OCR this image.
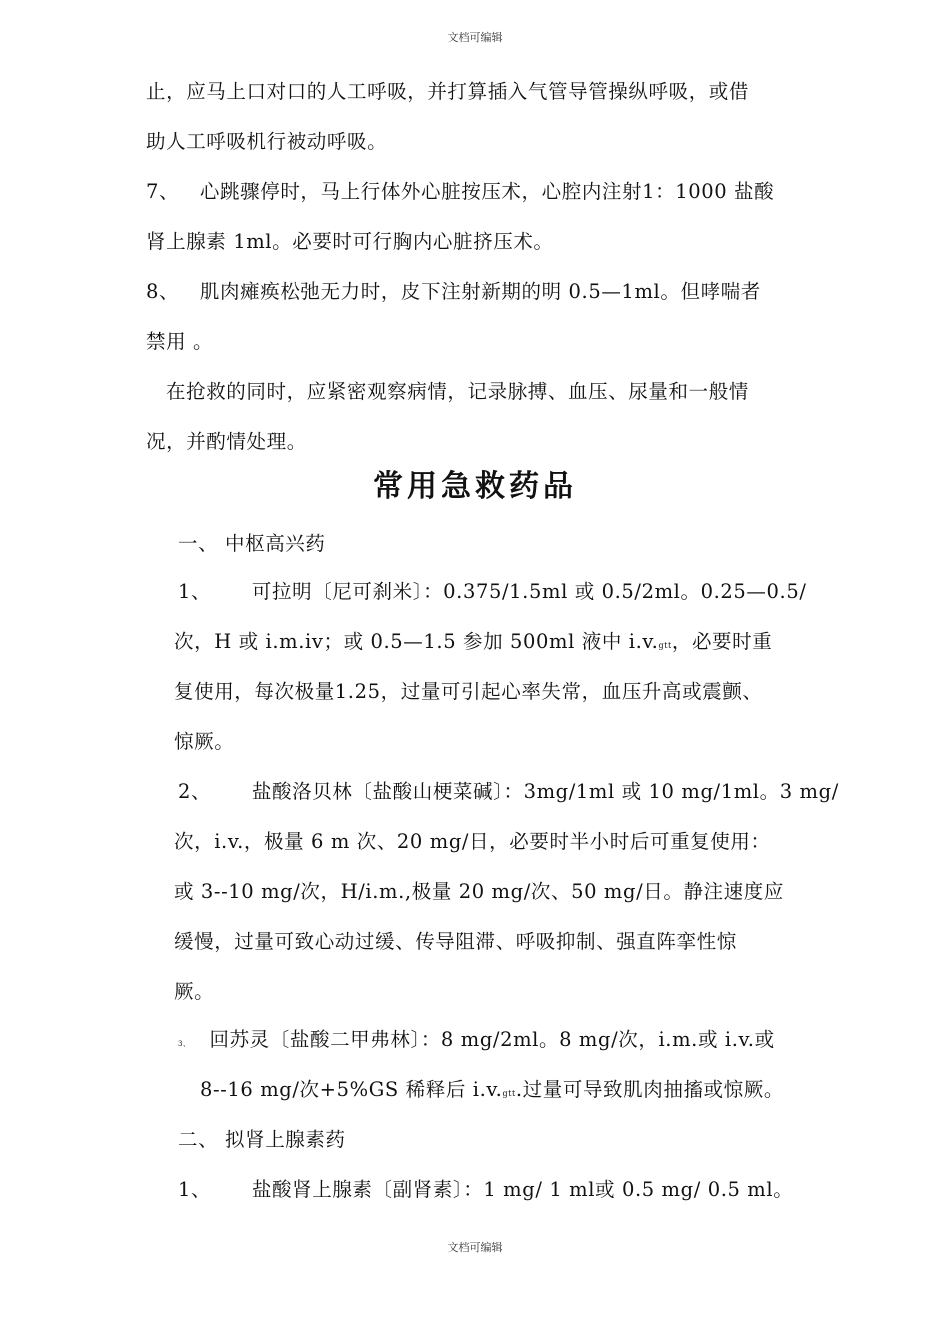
文档可编辑
止，应马上口对口的人工呼吸，并打算插入气管导管操纵呼吸，或借
助人工呼吸机行被动呼吸。
7、 心跳骤停时，马上行体外心脏按压术，心腔内注射1：1000 盐酸
肾上腺素 1ml。必要时可行胸内心脏挤压术。
8、 肌肉瘫痪松弛无力时，皮下注射新期的明 0.5—1ml。但哮喘者
禁用 。
在抢救的同时，应紧密观察病情，记录脉搏、血压、尿量和一般情
况，并酌情处理。
常用急救药品
一、 中枢高兴药
1、 可拉明〔尼可刹米〕：0.375/1.5ml 或 0.5/2ml。0.25—0.5/
次，H 或 i.m.iv；或 0.5—1.5 参加 500ml 液中 i.v.gtt，必要时重
复使用，每次极量1.25，过量可引起心率失常，血压升高或震颤、
惊厥。
2、 盐酸洛贝林〔盐酸山梗菜碱〕：3mg/1ml 或 10 mg/1ml。3 mg/
次，i.v.，极量 6 m 次、20 mg/日，必要时半小时后可重复使用：
或 3--10 mg/次，H/i.m.,极量 20 mg/次、50 mg/日。静注速度应
缓慢，过量可致心动过缓、传导阻滞、呼吸抑制、强直阵挛性惊
厥。
3、 回苏灵〔盐酸二甲弗林〕：8 mg/2ml。8 mg/次，i.m.或 i.v.或
8--16 mg/次+5%GS 稀释后 i.v.gtt.过量可导致肌肉抽搐或惊厥。
二、 拟肾上腺素药
1、 盐酸肾上腺素〔副肾素〕：1 mg/ 1 ml或 0.5 mg/ 0.5 ml。
文档可编辑
